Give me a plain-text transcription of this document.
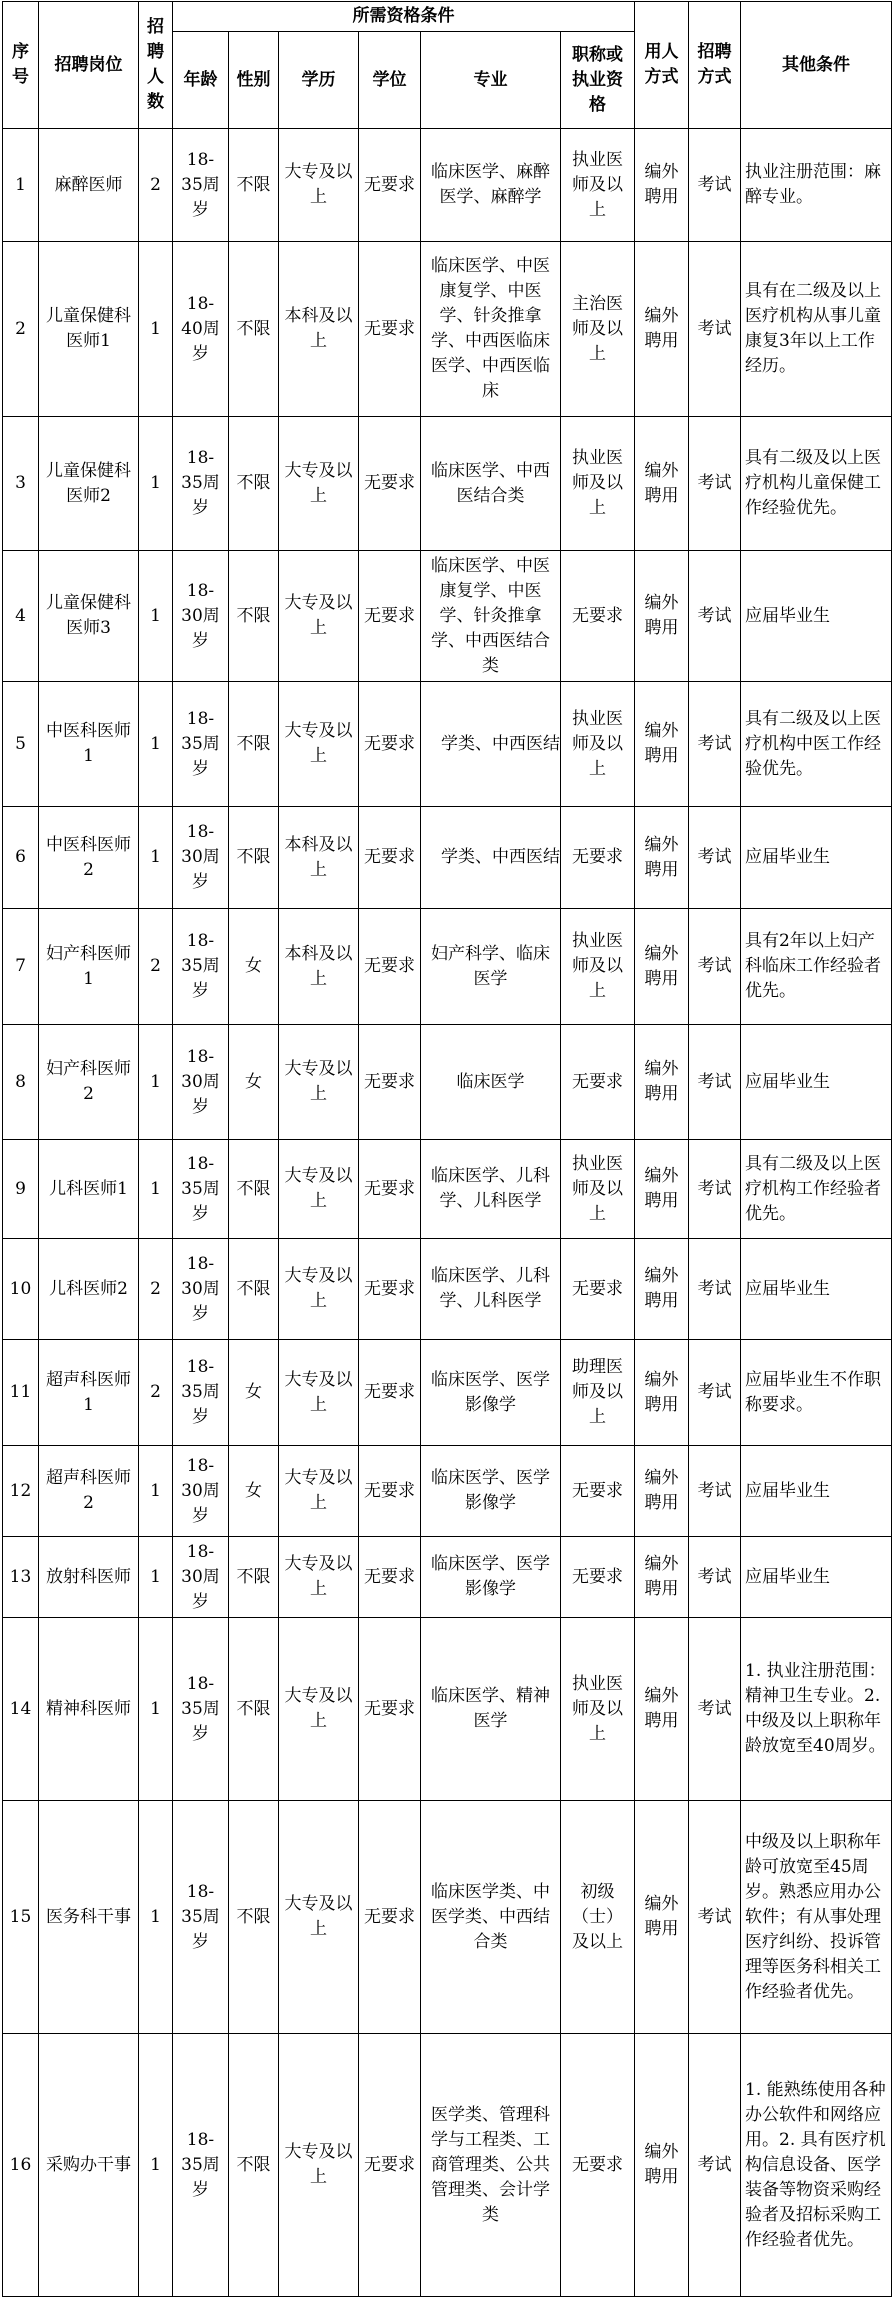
序号	招聘岗位	招聘人数	所需资格条件						用人方式	招聘方式	其他条件
			年龄	性别	学历	学位	专业	职称或执业资格			
1	麻醉医师	2	18-35周岁	不限	大专及以上	无要求	临床医学、麻醉医学、麻醉学	执业医师及以上	编外聘用	考试	执业注册范围：麻醉专业。
2	儿童保健科医师1	1	18-40周岁	不限	本科及以上	无要求	临床医学、中医康复学、中医学、针灸推拿学、中西医临床医学、中西医临床	主治医师及以上	编外聘用	考试	具有在二级及以上医疗机构从事儿童康复3年以上工作经历。
3	儿童保健科医师2	1	18-35周岁	不限	大专及以上	无要求	临床医学、中西医结合类	执业医师及以上	编外聘用	考试	具有二级及以上医疗机构儿童保健工作经验优先。
4	儿童保健科医师3	1	18-30周岁	不限	大专及以上	无要求	临床医学、中医康复学、中医学、针灸推拿学、中西医结合类	无要求	编外聘用	考试	应届毕业生
5	中医科医师1	1	18-35周岁	不限	大专及以上	无要求	学类、中西医结	执业医师及以上	编外聘用	考试	具有二级及以上医疗机构中医工作经验优先。
6	中医科医师2	1	18-30周岁	不限	本科及以上	无要求	学类、中西医结	无要求	编外聘用	考试	应届毕业生
7	妇产科医师1	2	18-35周岁	女	本科及以上	无要求	妇产科学、临床医学	执业医师及以上	编外聘用	考试	具有2年以上妇产科临床工作经验者优先。
8	妇产科医师2	1	18-30周岁	女	大专及以上	无要求	临床医学	无要求	编外聘用	考试	应届毕业生
9	儿科医师1	1	18-35周岁	不限	大专及以上	无要求	临床医学、儿科学、儿科医学	执业医师及以上	编外聘用	考试	具有二级及以上医疗机构工作经验者优先。
10	儿科医师2	2	18-30周岁	不限	大专及以上	无要求	临床医学、儿科学、儿科医学	无要求	编外聘用	考试	应届毕业生
11	超声科医师1	2	18-35周岁	女	大专及以上	无要求	临床医学、医学影像学	助理医师及以上	编外聘用	考试	应届毕业生不作职称要求。
12	超声科医师2	1	18-30周岁	女	大专及以上	无要求	临床医学、医学影像学	无要求	编外聘用	考试	应届毕业生
13	放射科医师	1	18-30周岁	不限	大专及以上	无要求	临床医学、医学影像学	无要求	编外聘用	考试	应届毕业生
14	精神科医师	1	18-35周岁	不限	大专及以上	无要求	临床医学、精神医学	执业医师及以上	编外聘用	考试	1. 执业注册范围：精神卫生专业。2. 中级及以上职称年龄放宽至40周岁。
15	医务科干事	1	18-35周岁	不限	大专及以上	无要求	临床医学类、中医学类、中西结合类	初级（士）及以上	编外聘用	考试	中级及以上职称年龄可放宽至45周岁。熟悉应用办公软件；有从事处理医疗纠纷、投诉管理等医务科相关工作经验者优先。
16	采购办干事	1	18-35周岁	不限	大专及以上	无要求	医学类、管理科学与工程类、工商管理类、公共管理类、会计学类	无要求	编外聘用	考试	1. 能熟练使用各种办公软件和网络应用。2. 具有医疗机构信息设备、医学装备等物资采购经验者及招标采购工作经验者优先。
